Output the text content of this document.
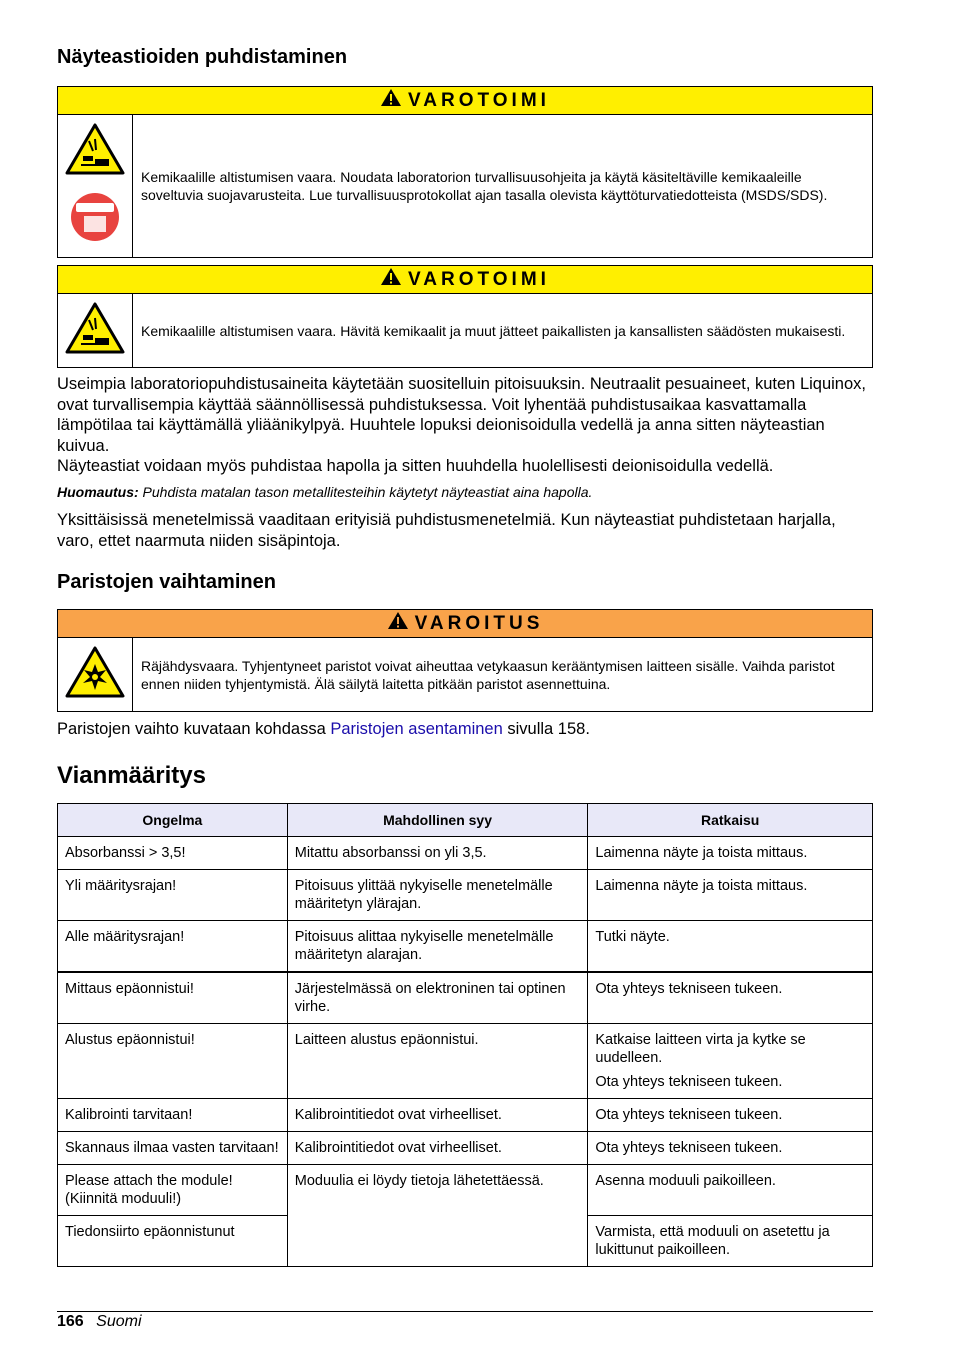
Näyteastioiden puhdistaminen
VAROTOIMI
Kemikaalille altistumisen vaara. Noudata laboratorion turvallisuusohjeita ja käytä käsiteltäville kemikaaleille soveltuvia suojavarusteita. Lue turvallisuusprotokollat ajan tasalla olevista käyttöturvatiedotteista (MSDS/SDS).
VAROTOIMI
Kemikaalille altistumisen vaara. Hävitä kemikaalit ja muut jätteet paikallisten ja kansallisten säädösten mukaisesti.

Useimpia laboratoriopuhdistusaineita käytetään suositelluin pitoisuuksin. Neutraalit pesuaineet, kuten Liquinox, ovat turvallisempia käyttää säännöllisessä puhdistuksessa. Voit lyhentää puhdistusaikaa kasvattamalla lämpötilaa tai käyttämällä yliäänikylpyä. Huuhtele lopuksi deionisoidulla vedellä ja anna sitten näyteastian kuivua.

Näyteastiat voidaan myös puhdistaa hapolla ja sitten huuhdella huolellisesti deionisoidulla vedellä.

Huomautus: Puhdista matalan tason metallitesteihin käytetyt näyteastiat aina hapolla.

Yksittäisissä menetelmissä vaaditaan erityisiä puhdistusmenetelmiä. Kun näyteastiat puhdistetaan harjalla, varo, ettet naarmuta niiden sisäpintoja.

Paristojen vaihtaminen
VAROITUS
Räjähdysvaara. Tyhjentyneet paristot voivat aiheuttaa vetykaasun kerääntymisen laitteen sisälle. Vaihda paristot ennen niiden tyhjentymistä. Älä säilytä laitetta pitkään paristot asennettuina.

Paristojen vaihto kuvataan kohdassa Paristojen asentaminen sivulla 158.

Vianmääritys
Ongelma	Mahdollinen syy	Ratkaisu
Absorbanssi > 3,5!	Mitattu absorbanssi on yli 3,5.	Laimenna näyte ja toista mittaus.
Yli määritysrajan!	Pitoisuus ylittää nykyiselle menetelmälle määritetyn ylärajan.	Laimenna näyte ja toista mittaus.
Alle määritysrajan!	Pitoisuus alittaa nykyiselle menetelmälle määritetyn alarajan.	Tutki näyte.
Mittaus epäonnistui!	Järjestelmässä on elektroninen tai optinen virhe.	Ota yhteys tekniseen tukeen.
Alustus epäonnistui!	Laitteen alustus epäonnistui.	Katkaise laitteen virta ja kytke se uudelleen.

Ota yhteys tekniseen tukeen.

Kalibrointi tarvitaan!	Kalibrointitiedot ovat virheelliset.	Ota yhteys tekniseen tukeen.
Skannaus ilmaa vasten tarvitaan!	Kalibrointitiedot ovat virheelliset.	Ota yhteys tekniseen tukeen.
Please attach the module! (Kiinnitä moduuli!)	Moduulia ei löydy tietoja lähetettäessä.	Asenna moduuli paikoilleen.
Tiedonsiirto epäonnistunut		Varmista, että moduuli on asetettu ja lukittunut paikoilleen.
166 Suomi
